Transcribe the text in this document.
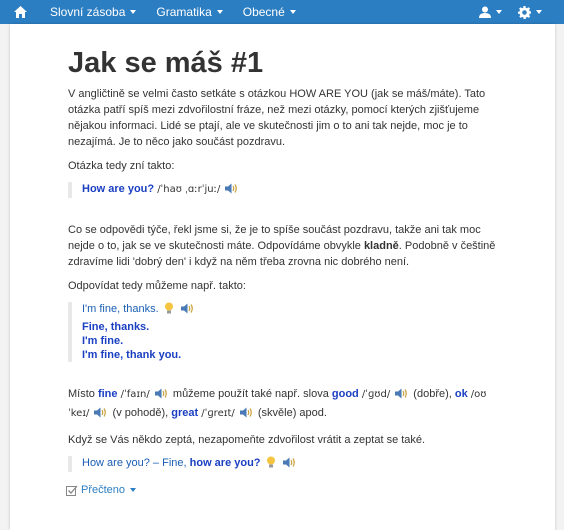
Slovní zásoba	Gramatika	Obecné
Jak se máš #1

V angličtině se velmi často setkáte s otázkou HOW ARE YOU (jak se máš/máte). Tato otázka patří spíš mezi zdvořilostní fráze, než mezi otázky, pomocí kterých zjišťujeme nějakou informaci. Lidé se ptají, ale ve skutečnosti jim o to ani tak nejde, moc je to nezajímá. Je to něco jako součást pozdravu.

Otázka tedy zní takto:

How are you? /ˈhaʊ ˌɑːrˈjuː/

Co se odpovědi týče, řekl jsme si, že je to spíše součást pozdravu, takže ani tak moc nejde o to, jak se ve skutečnosti máte. Odpovídáme obvykle kladně. Podobně v češtině zdravíme lidi 'dobrý den' i když na něm třeba zrovna nic dobrého není.

Odpovídat tedy můžeme např. takto:

I'm fine, thanks.
Fine, thanks.
I'm fine.
I'm fine, thank you.

Místo fine /ˈfaɪn/  můžeme použít také např. slova good /ˈɡʊd/  (dobře), ok /oʊˈkeɪ/  (v pohodě), great /ˈɡreɪt/  (skvěle) apod.

Když se Vás někdo zeptá, nezapomeňte zdvořilost vrátit a zeptat se také.

How are you? – Fine, how are you?
Přečteno
